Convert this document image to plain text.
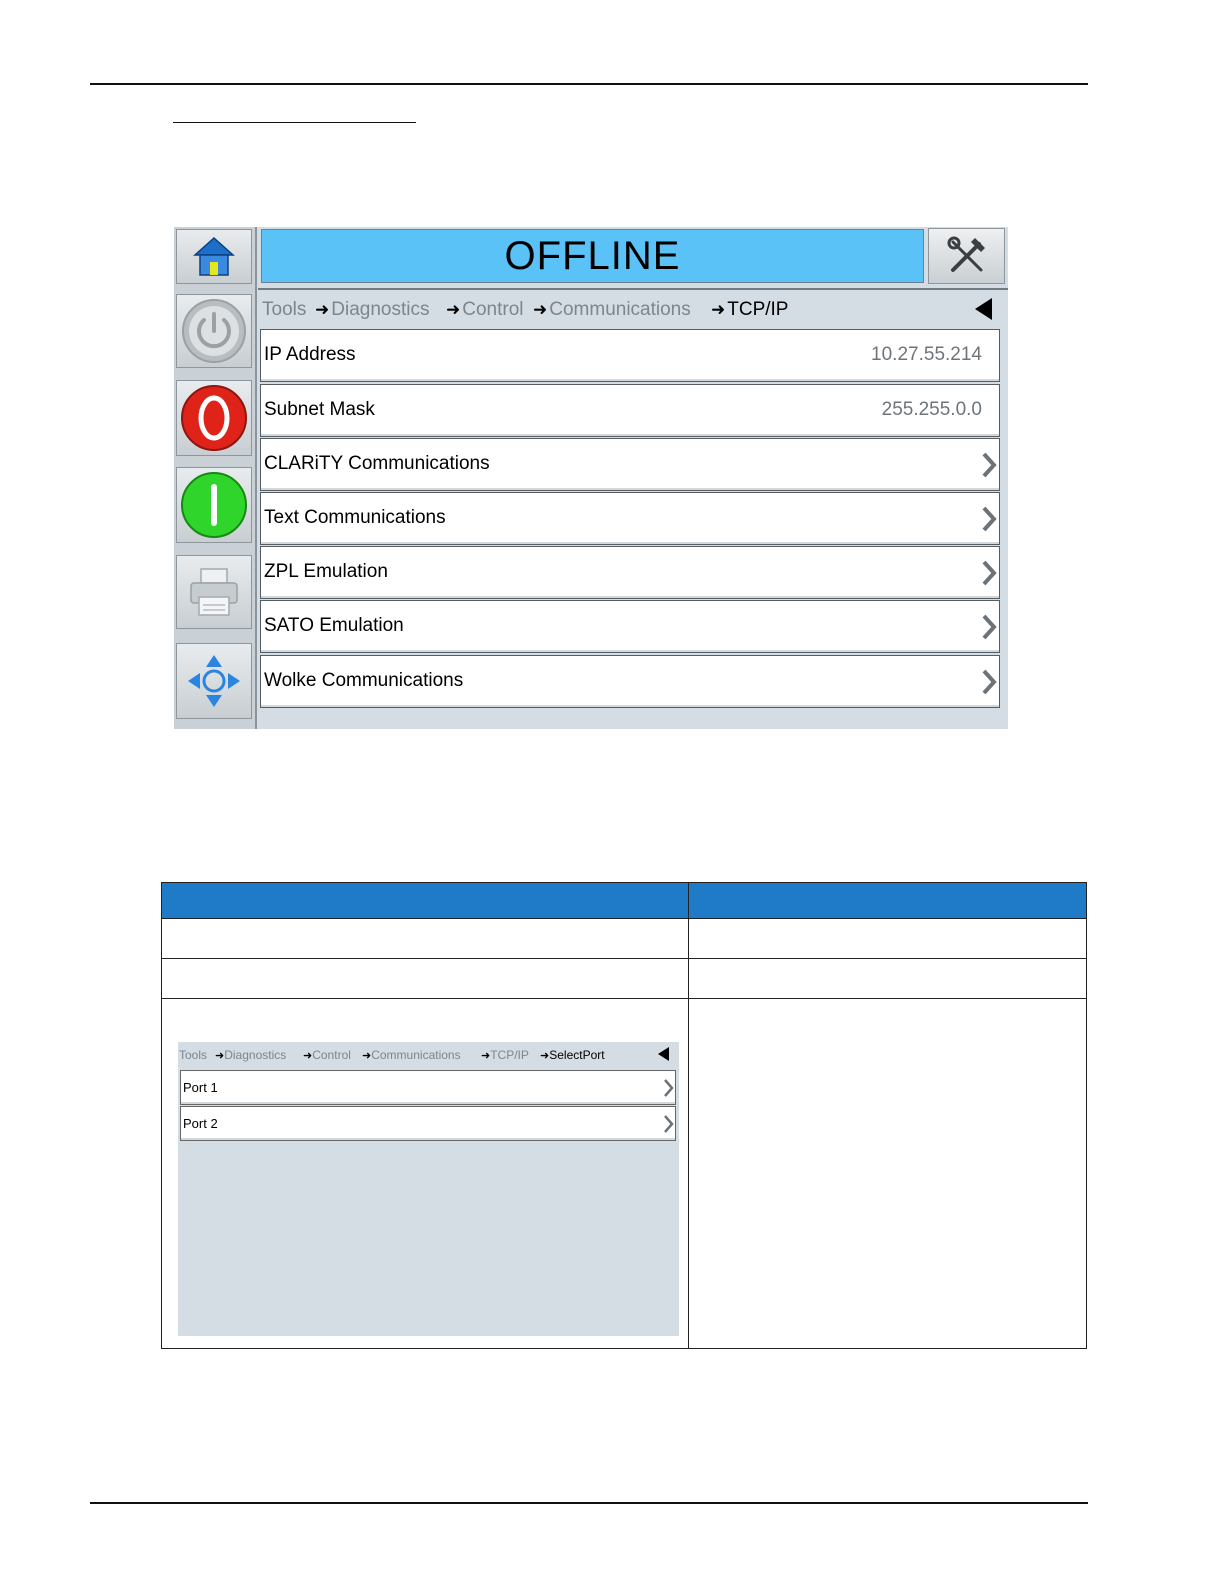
OFFLINE
Tools ➜ Diagnostics ➜ Control ➜ Communications ➜ TCP/IP
IP Address	10.27.55.214
Subnet Mask	255.255.0.0
CLARiTY Communications
Text Communications
ZPL Emulation
SATO Emulation
Wolke Communications
Tools ➜Diagnostics ➜Control ➜Communications ➜TCP/IP ➜SelectPort
Port 1
Port 2
